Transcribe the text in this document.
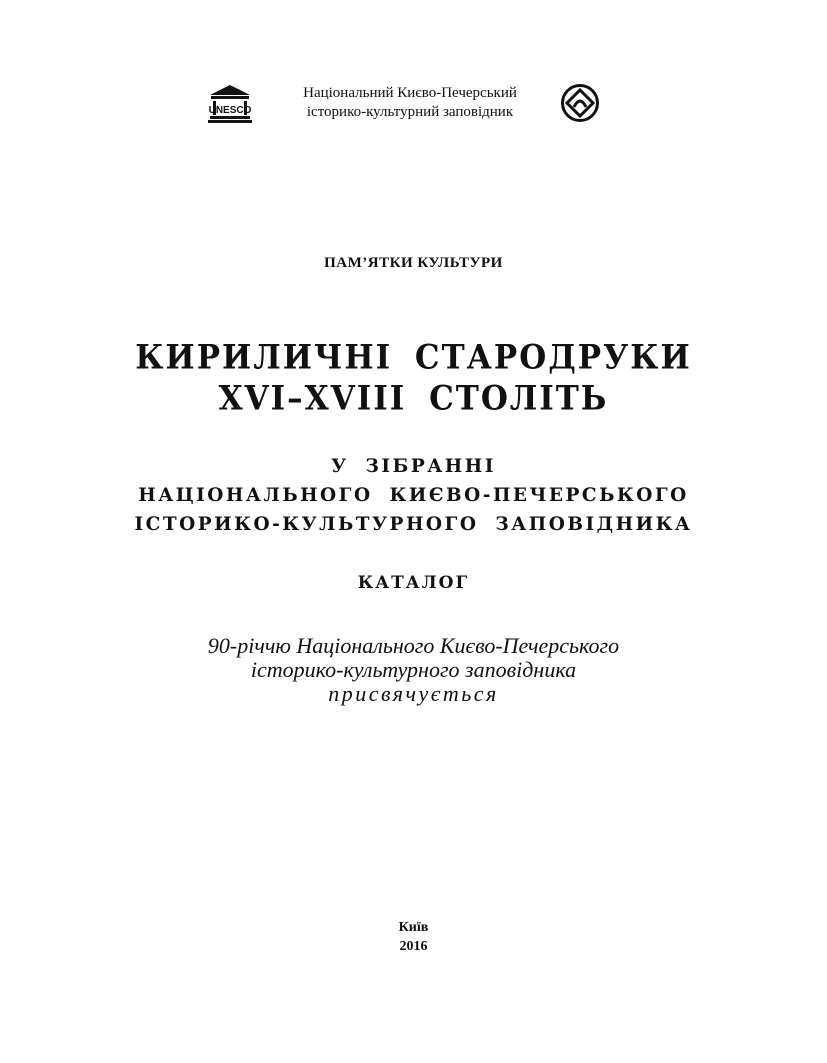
UNESCO
Національний Києво-Печерський
історико-культурний заповідник
ПАМ’ЯТКИ КУЛЬТУРИ
КИРИЛИЧНІ СТАРОДРУКИ
XVI–XVIII СТОЛІТЬ
У ЗІБРАННІ
НАЦІОНАЛЬНОГО КИЄВО-ПЕЧЕРСЬКОГО
ІСТОРИКО-КУЛЬТУРНОГО ЗАПОВІДНИКА
КАТАЛОГ
90-річчю Національного Києво-Печерського
історико-культурного заповідника
присвячується
Київ
2016
